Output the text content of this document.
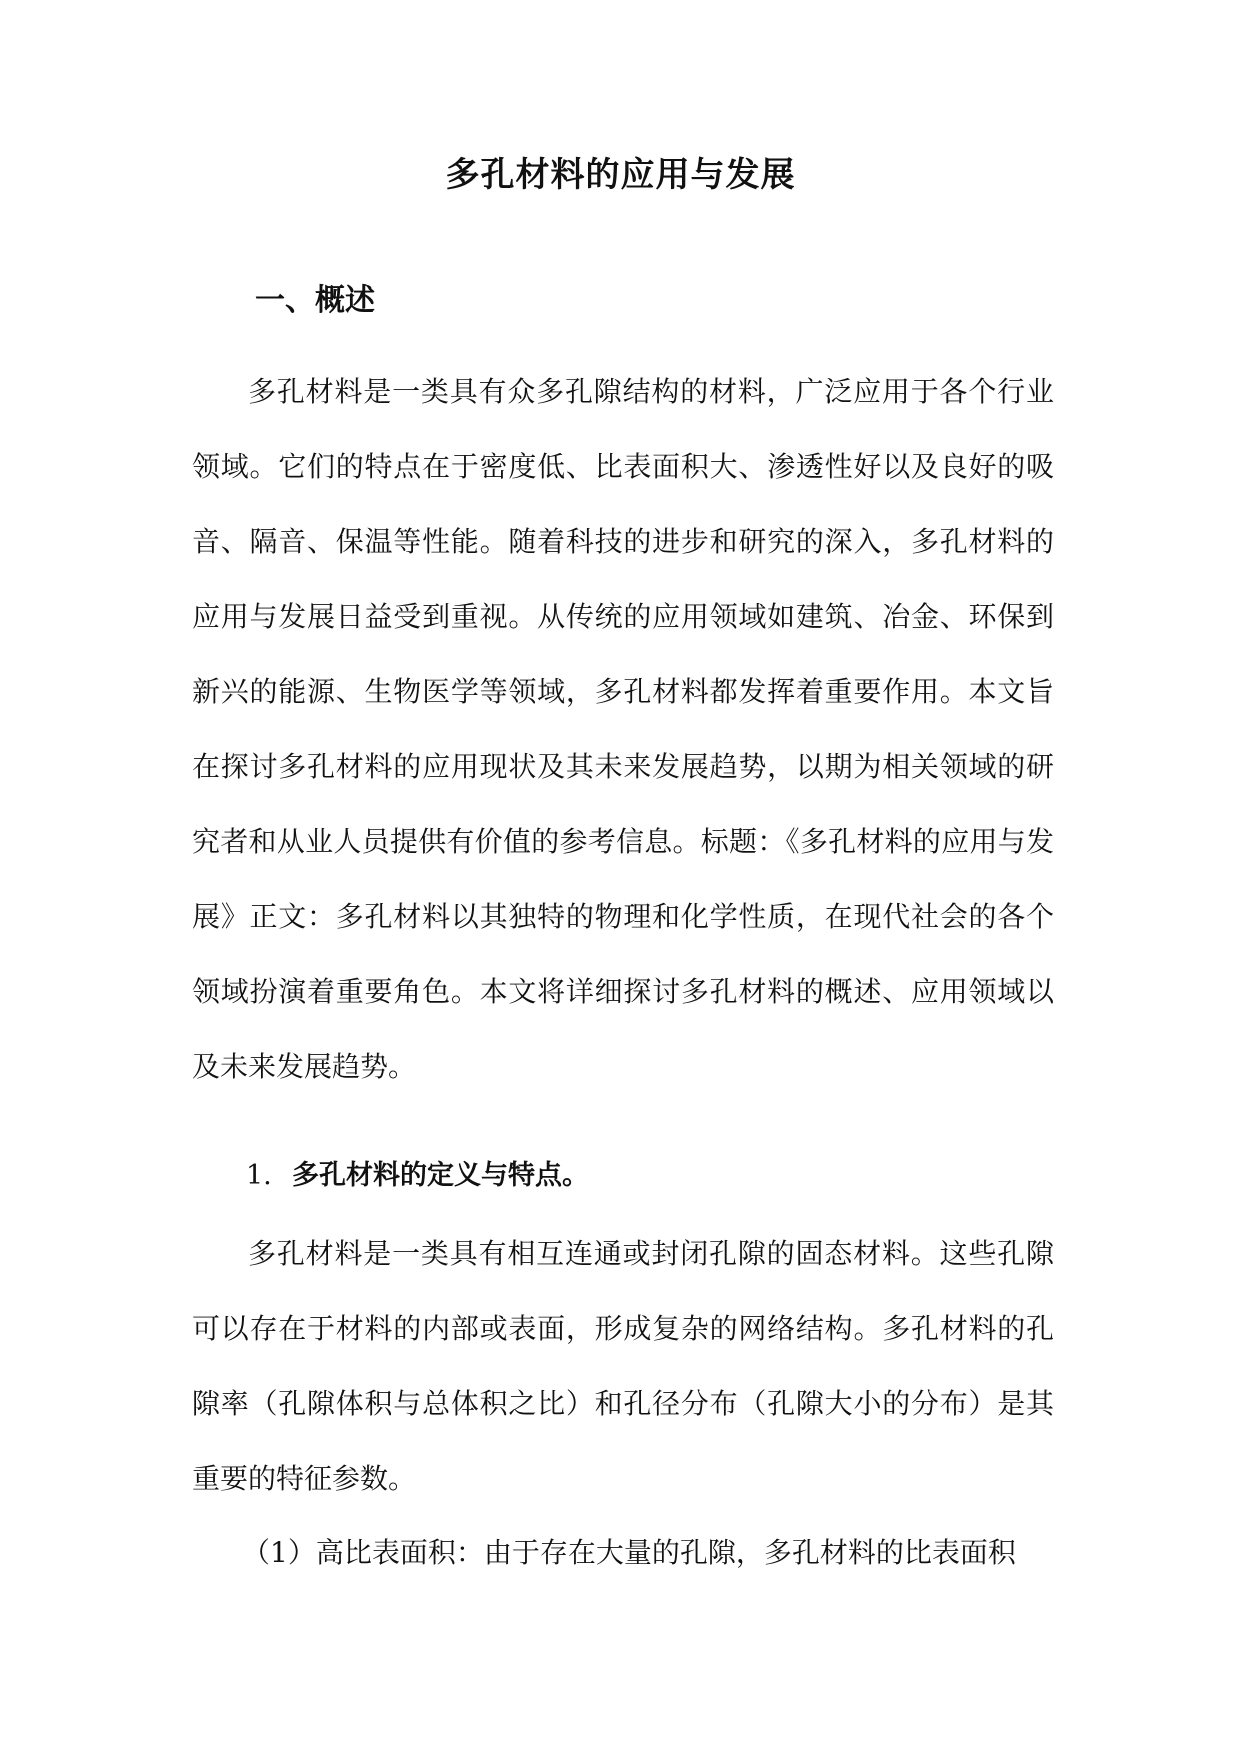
多孔材料的应用与发展
一、概述

多孔材料是一类具有众多孔隙结构的材料，广泛应用于各个行业领域。它们的特点在于密度低、比表面积大、渗透性好以及良好的吸音、隔音、保温等性能。随着科技的进步和研究的深入，多孔材料的应用与发展日益受到重视。从传统的应用领域如建筑、冶金、环保到新兴的能源、生物医学等领域，多孔材料都发挥着重要作用。本文旨在探讨多孔材料的应用现状及其未来发展趋势，以期为相关领域的研究者和从业人员提供有价值的参考信息。标题：《多孔材料的应用与发展》正文：多孔材料以其独特的物理和化学性质，在现代社会的各个领域扮演着重要角色。本文将详细探讨多孔材料的概述、应用领域以及未来发展趋势。

1. 多孔材料的定义与特点。

多孔材料是一类具有相互连通或封闭孔隙的固态材料。这些孔隙可以存在于材料的内部或表面，形成复杂的网络结构。多孔材料的孔隙率（孔隙体积与总体积之比）和孔径分布（孔隙大小的分布）是其重要的特征参数。

（1）高比表面积：由于存在大量的孔隙，多孔材料的比表面积
